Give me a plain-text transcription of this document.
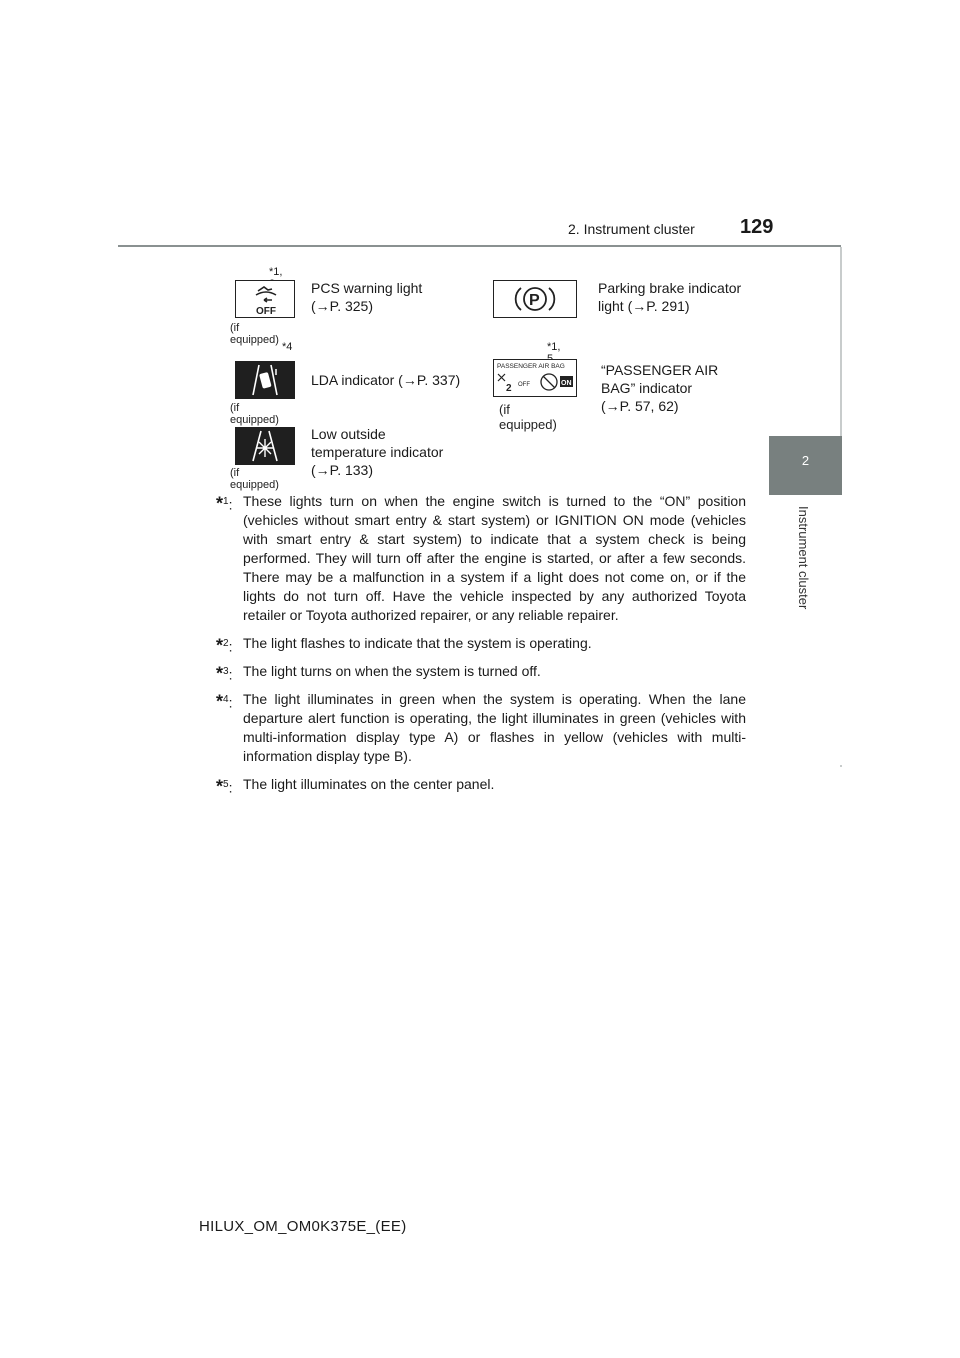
2. Instrument cluster 129
2
Instrument cluster
*1,
OFF
(if equipped)
PCS warning light
(→P. 325)	P
Parking brake indicator
light (→P. 291)
*4
(if equipped)
LDA indicator (→P. 337)
*1,
PASSENGER AIR BAG
2 OFF	ON
(if equipped)
“PASSENGER AIR
BAG” indicator
(→P. 57, 62)
(if equipped)
Low outside
temperature indicator
(→P. 133)
*$^1$: These lights turn on when the engine switch is turned to the “ON” position (vehicles without smart entry & start system) or IGNITION ON mode (vehicles with smart entry & start system) to indicate that a system check is being performed. They will turn off after the engine is started, or after a few seconds. There may be a malfunction in a system if a light does not come on, or if the lights do not turn off. Have the vehicle inspected by any authorized Toyota retailer or Toyota authorized repairer, or any reliable repairer.
*$^2$: The light flashes to indicate that the system is operating.
*$^3$: The light turns on when the system is turned off.
*$^4$: The light illuminates in green when the system is operating. When the lane departure alert function is operating, the light illuminates in green (vehicles with multi-information display type A) or flashes in yellow (vehicles with multi-information display type B).
*$^5$: The light illuminates on the center panel.
HILUX_OM_OM0K375E_(EE)
